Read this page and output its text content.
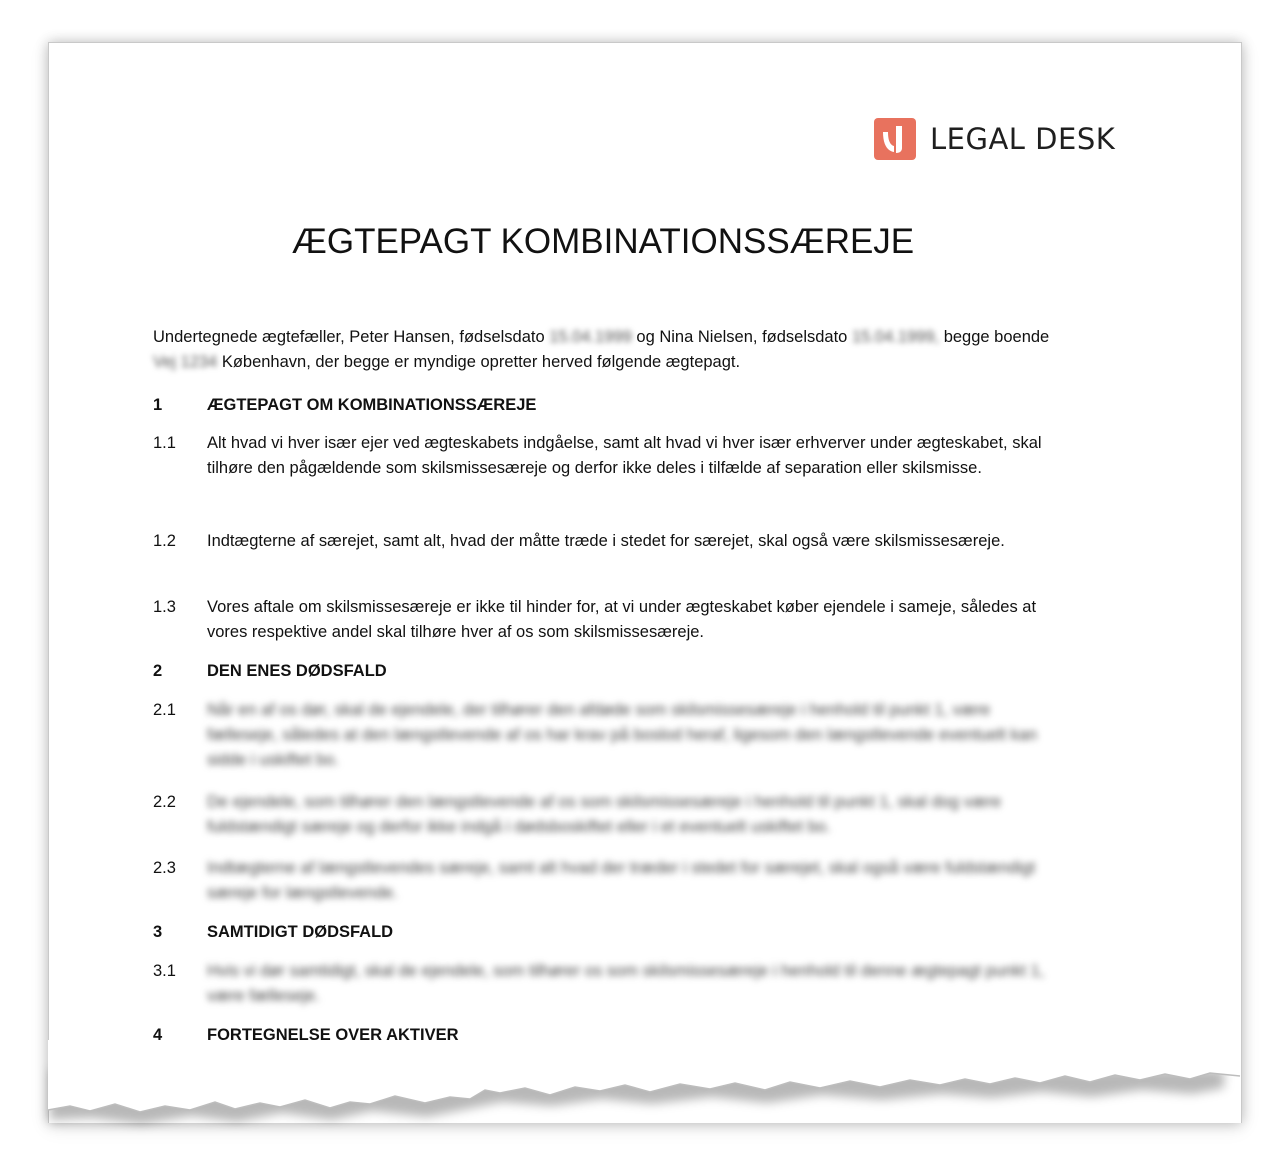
LEGAL DESK
ÆGTEPAGT KOMBINATIONSSÆREJE

Undertegnede ægtefæller, Peter Hansen, fødselsdato 15.04.1999 og Nina Nielsen, fødselsdato 15.04.1999, begge boende Vej 1234 København, der begge er myndige opretter herved følgende ægtepagt.

1	ÆGTEPAGT OM KOMBINATIONSSÆREJE
1.1	Alt hvad vi hver især ejer ved ægteskabets indgåelse, samt alt hvad vi hver især erhverver under ægteskabet, skal tilhøre den pågældende som skilsmissesæreje og derfor ikke deles i tilfælde af separation eller skilsmisse.
1.2	Indtægterne af særejet, samt alt, hvad der måtte træde i stedet for særejet, skal også være skilsmissesæreje.
1.3	Vores aftale om skilsmissesæreje er ikke til hinder for, at vi under ægteskabet køber ejendele i sameje, således at vores respektive andel skal tilhøre hver af os som skilsmissesæreje.
2	DEN ENES DØDSFALD
2.1	Når en af os dør, skal de ejendele, der tilhører den afdøde som skilsmissesæreje i henhold til punkt 1, være fælleseje, således at den længstlevende af os har krav på boslod heraf, ligesom den længstlevende eventuelt kan sidde i uskiftet bo.
2.2	De ejendele, som tilhører den længstlevende af os som skilsmissesæreje i henhold til punkt 1, skal dog være fuldstændigt særeje og derfor ikke indgå i dødsboskiftet eller i et eventuelt uskiftet bo.
2.3	Indtægterne af længstlevendes særeje, samt alt hvad der træder i stedet for særejet, skal også være fuldstændigt særeje for længstlevende.
3	SAMTIDIGT DØDSFALD
3.1	Hvis vi dør samtidigt, skal de ejendele, som tilhører os som skilsmissesæreje i henhold til denne ægtepagt punkt 1, være fælleseje.
4	FORTEGNELSE OVER AKTIVER
